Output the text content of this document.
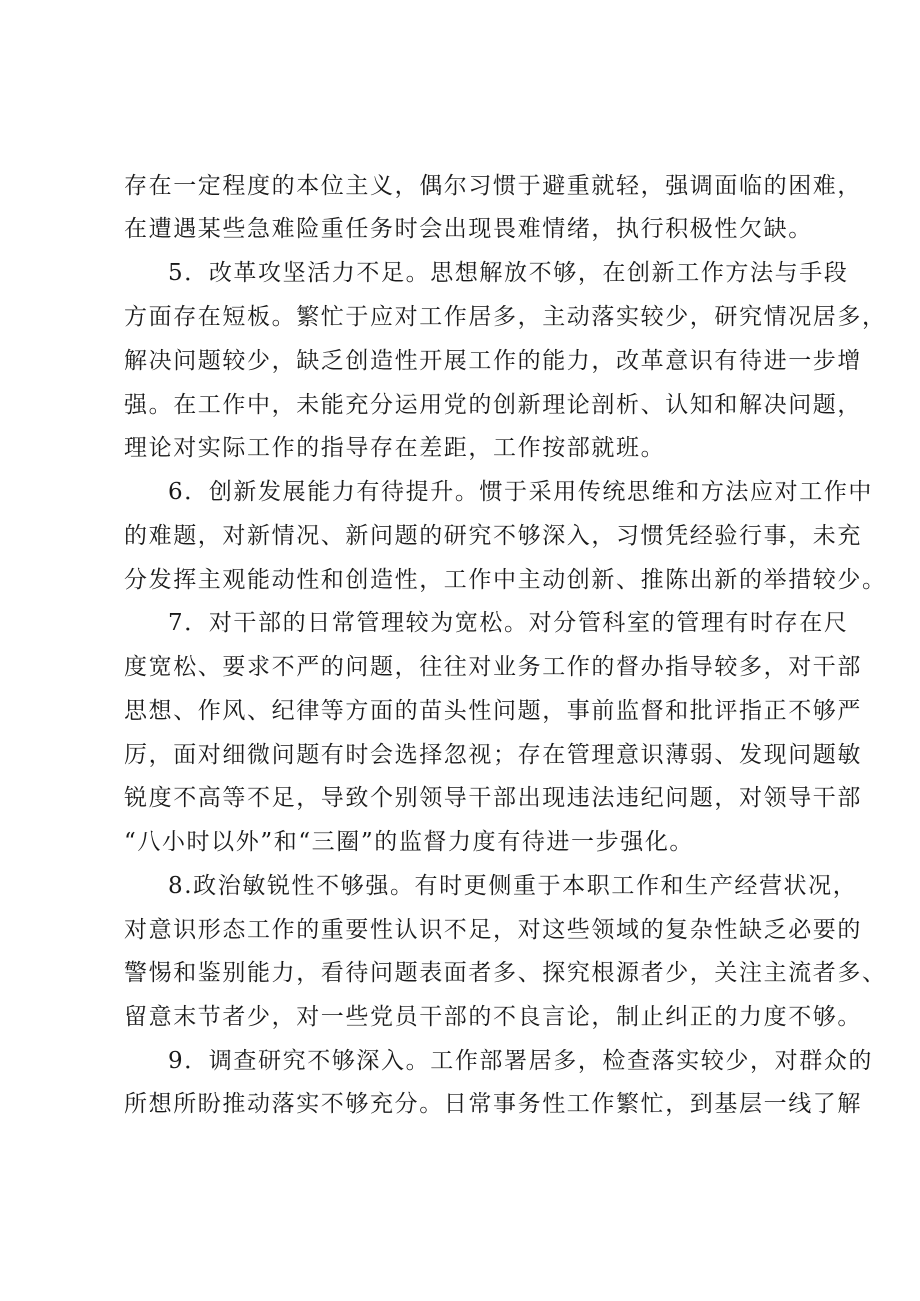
存在一定程度的本位主义，偶尔习惯于避重就轻，强调面临的困难，
在遭遇某些急难险重任务时会出现畏难情绪，执行积极性欠缺。
5．改革攻坚活力不足。思想解放不够，在创新工作方法与手段
方面存在短板。繁忙于应对工作居多，主动落实较少，研究情况居多，
解决问题较少，缺乏创造性开展工作的能力，改革意识有待进一步增
强。在工作中，未能充分运用党的创新理论剖析、认知和解决问题，
理论对实际工作的指导存在差距，工作按部就班。
6．创新发展能力有待提升。惯于采用传统思维和方法应对工作中
的难题，对新情况、新问题的研究不够深入，习惯凭经验行事，未充
分发挥主观能动性和创造性，工作中主动创新、推陈出新的举措较少。
7．对干部的日常管理较为宽松。对分管科室的管理有时存在尺
度宽松、要求不严的问题，往往对业务工作的督办指导较多，对干部
思想、作风、纪律等方面的苗头性问题，事前监督和批评指正不够严
厉，面对细微问题有时会选择忽视；存在管理意识薄弱、发现问题敏
锐度不高等不足，导致个别领导干部出现违法违纪问题，对领导干部
“八小时以外”和“三圈”的监督力度有待进一步强化。
8.政治敏锐性不够强。有时更侧重于本职工作和生产经营状况，
对意识形态工作的重要性认识不足，对这些领域的复杂性缺乏必要的
警惕和鉴别能力，看待问题表面者多、探究根源者少，关注主流者多、
留意末节者少，对一些党员干部的不良言论，制止纠正的力度不够。
9．调查研究不够深入。工作部署居多，检查落实较少，对群众的
所想所盼推动落实不够充分。日常事务性工作繁忙，到基层一线了解
